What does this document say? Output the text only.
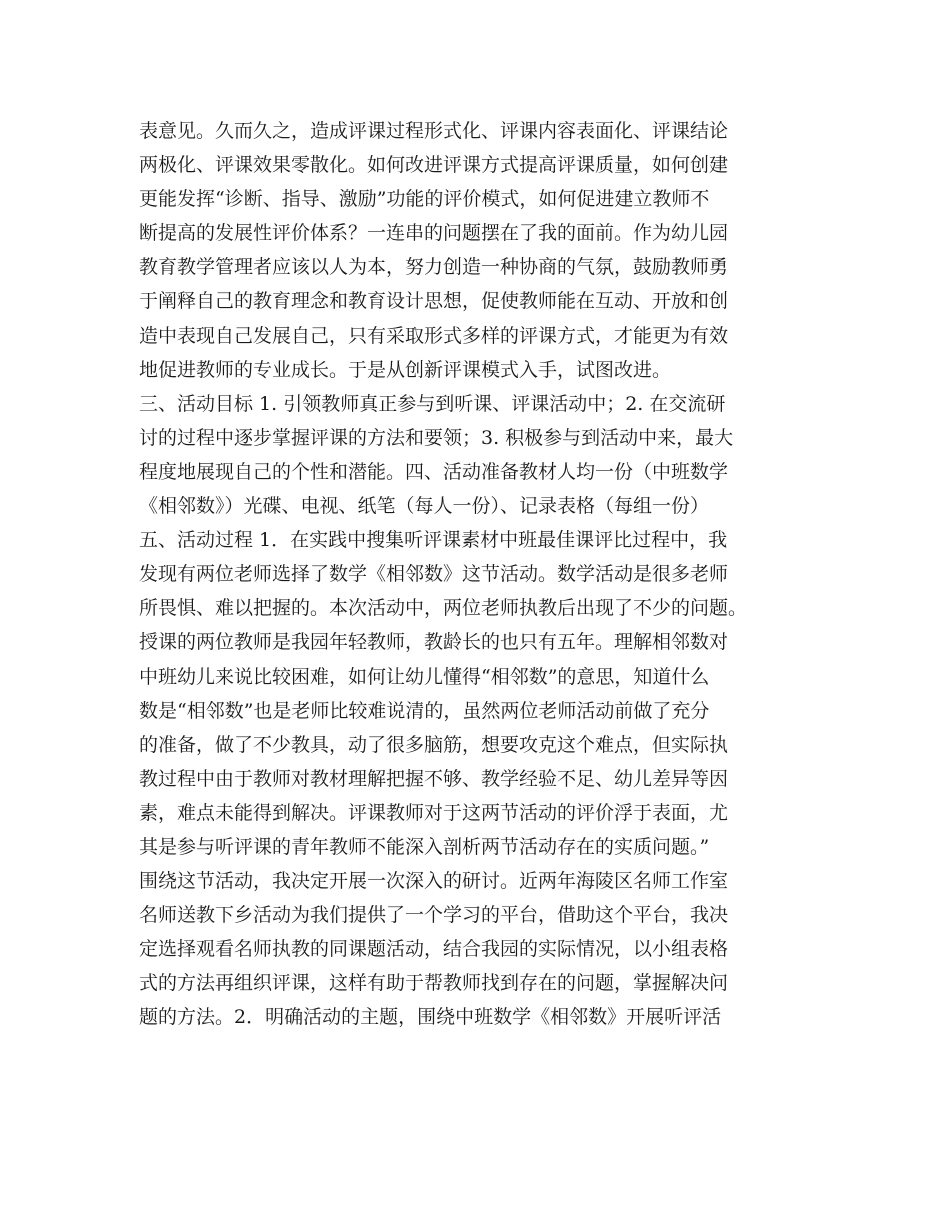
表意见。久而久之，造成评课过程形式化、评课内容表面化、评课结论
两极化、评课效果零散化。如何改进评课方式提高评课质量，如何创建
更能发挥“诊断、指导、激励”功能的评价模式，如何促进建立教师不
断提高的发展性评价体系？一连串的问题摆在了我的面前。作为幼儿园
教育教学管理者应该以人为本，努力创造一种协商的气氛，鼓励教师勇
于阐释自己的教育理念和教育设计思想，促使教师能在互动、开放和创
造中表现自己发展自己，只有采取形式多样的评课方式，才能更为有效
地促进教师的专业成长。于是从创新评课模式入手，试图改进。
三、活动目标 1. 引领教师真正参与到听课、评课活动中；2. 在交流研
讨的过程中逐步掌握评课的方法和要领；3. 积极参与到活动中来，最大
程度地展现自己的个性和潜能。四、活动准备教材人均一份（中班数学
《相邻数》）光碟、电视、纸笔（每人一份）、记录表格（每组一份）
五、活动过程 1．在实践中搜集听评课素材中班最佳课评比过程中，我
发现有两位老师选择了数学《相邻数》这节活动。数学活动是很多老师
所畏惧、难以把握的。本次活动中，两位老师执教后出现了不少的问题。
授课的两位教师是我园年轻教师，教龄长的也只有五年。理解相邻数对
中班幼儿来说比较困难，如何让幼儿懂得“相邻数”的意思，知道什么
数是“相邻数”也是老师比较难说清的，虽然两位老师活动前做了充分
的准备，做了不少教具，动了很多脑筋，想要攻克这个难点，但实际执
教过程中由于教师对教材理解把握不够、教学经验不足、幼儿差异等因
素，难点未能得到解决。评课教师对于这两节活动的评价浮于表面，尤
其是参与听评课的青年教师不能深入剖析两节活动存在的实质问题。”
围绕这节活动，我决定开展一次深入的研讨。近两年海陵区名师工作室
名师送教下乡活动为我们提供了一个学习的平台，借助这个平台，我决
定选择观看名师执教的同课题活动，结合我园的实际情况，以小组表格
式的方法再组织评课，这样有助于帮教师找到存在的问题，掌握解决问
题的方法。2．明确活动的主题，围绕中班数学《相邻数》开展听评活
